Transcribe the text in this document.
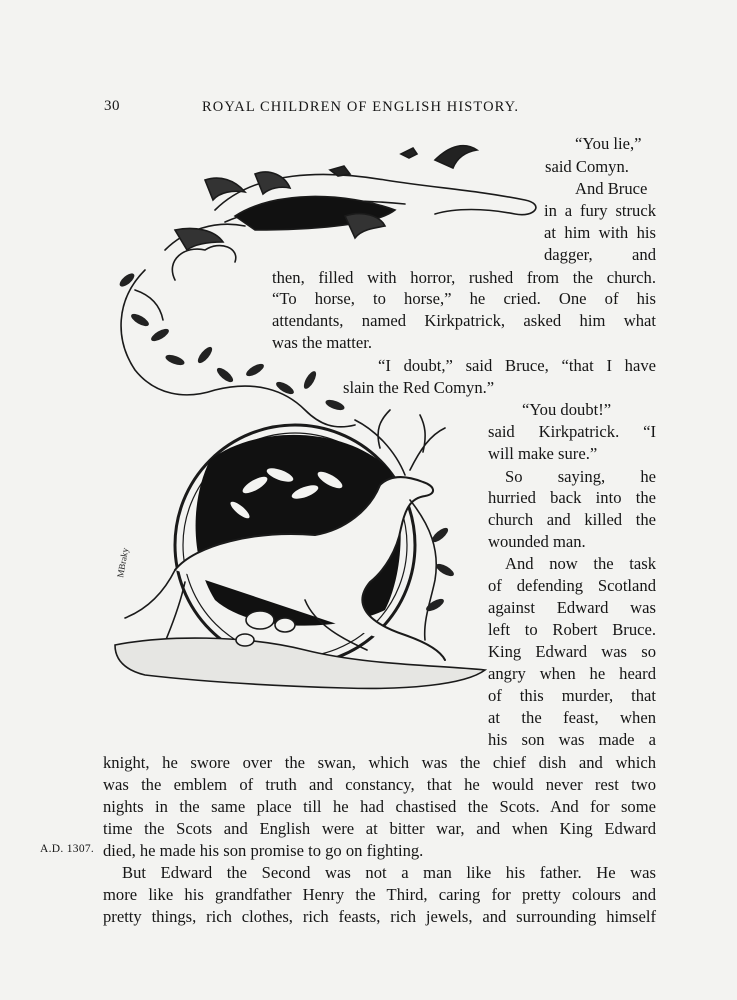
30	ROYAL CHILDREN OF ENGLISH HISTORY.
MBraky
“You lie,”
said Comyn.
And Bruce
in a fury struck
at him with his
dagger, and
then, filled with horror, rushed from the church.
“To horse, to horse,” he cried. One of his
attendants, named Kirkpatrick, asked him what
was the matter.
“I doubt,” said Bruce, “that I have
slain the Red Comyn.”
“You doubt!”
said Kirkpatrick. “I
will make sure.”
So saying, he
hurried back into the
church and killed the
wounded man.
And now the task
of defending Scotland
against Edward was
left to Robert Bruce.
King Edward was so
angry when he heard
of this murder, that
at the feast, when
his son was made a
knight, he swore over the swan, which was the chief dish and which
was the emblem of truth and constancy, that he would never rest two
nights in the same place till he had chastised the Scots. And for some
time the Scots and English were at bitter war, and when King Edward
died, he made his son promise to go on fighting.
But Edward the Second was not a man like his father. He was
more like his grandfather Henry the Third, caring for pretty colours and
pretty things, rich clothes, rich feasts, rich jewels, and surrounding himself
A.D. 1307.
